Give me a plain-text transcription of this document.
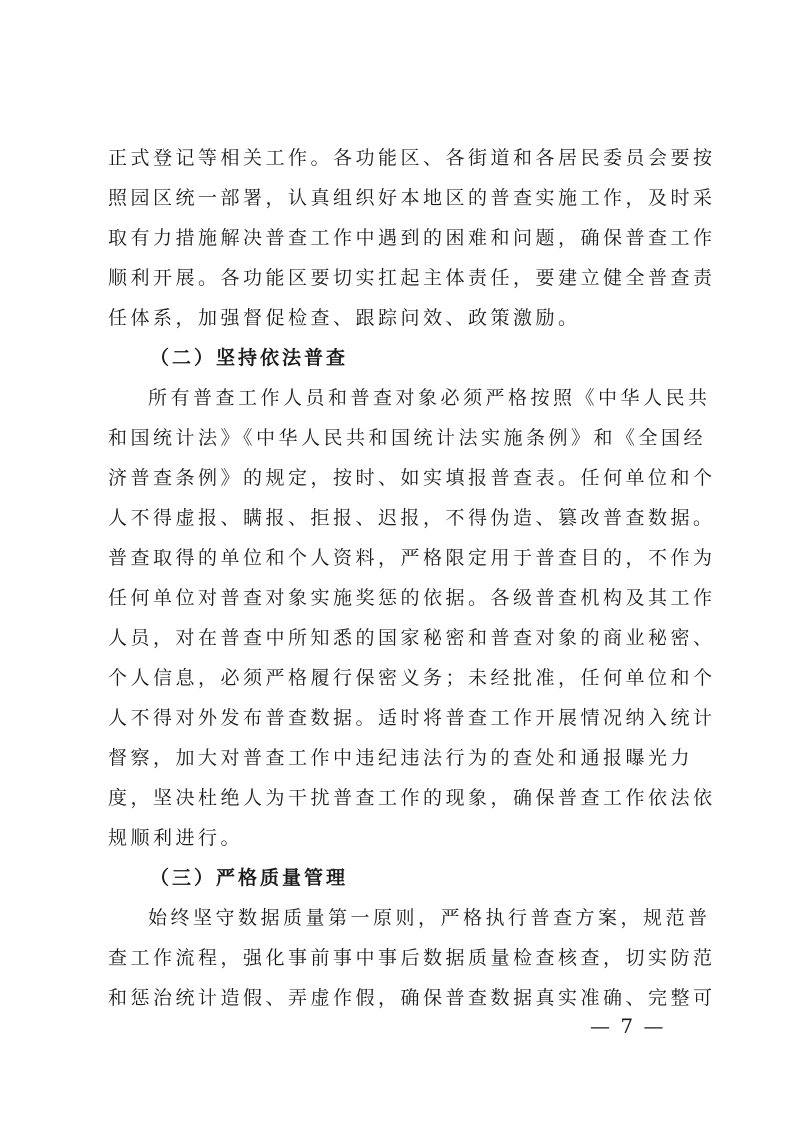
正式登记等相关工作。各功能区、各街道和各居民委员会要按
照园区统一部署，认真组织好本地区的普查实施工作，及时采
取有力措施解决普查工作中遇到的困难和问题，确保普查工作
顺利开展。各功能区要切实扛起主体责任，要建立健全普查责
任体系，加强督促检查、跟踪问效、政策激励。
（二）坚持依法普查
所有普查工作人员和普查对象必须严格按照《中华人民共
和国统计法》《中华人民共和国统计法实施条例》和《全国经
济普查条例》的规定，按时、如实填报普查表。任何单位和个
人不得虚报、瞒报、拒报、迟报，不得伪造、篡改普查数据。
普查取得的单位和个人资料，严格限定用于普查目的，不作为
任何单位对普查对象实施奖惩的依据。各级普查机构及其工作
人员，对在普查中所知悉的国家秘密和普查对象的商业秘密、
个人信息，必须严格履行保密义务；未经批准，任何单位和个
人不得对外发布普查数据。适时将普查工作开展情况纳入统计
督察，加大对普查工作中违纪违法行为的查处和通报曝光力
度，坚决杜绝人为干扰普查工作的现象，确保普查工作依法依
规顺利进行。
（三）严格质量管理
始终坚守数据质量第一原则，严格执行普查方案，规范普
查工作流程，强化事前事中事后数据质量检查核查，切实防范
和惩治统计造假、弄虚作假，确保普查数据真实准确、完整可
— 7 —
